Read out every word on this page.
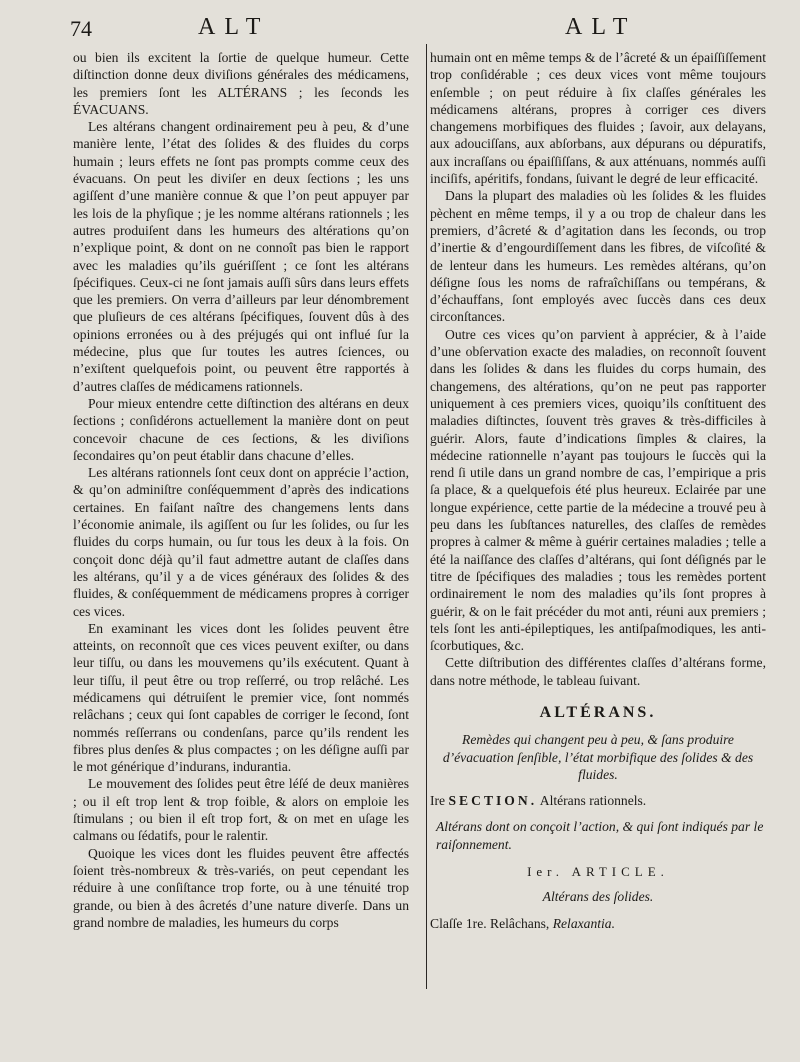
74	ALT	ALT

ou bien ils excitent la ſortie de quelque humeur. Cette diſtinction donne deux diviſions générales des médicamens, les premiers ſont les ALTÉRANS ; les ſeconds les ÉVACUANS.

Les altérans changent ordinairement peu à peu, & d’une manière lente, l’état des ſolides & des fluides du corps humain ; leurs effets ne ſont pas prompts comme ceux des évacuans. On peut les diviſer en deux ſections ; les uns agiſſent d’une manière connue & que l’on peut appuyer par les lois de la phyſique ; je les nomme altérans rationnels ; les autres produiſent dans les humeurs des altérations qu’on n’explique point, & dont on ne connoît pas bien le rapport avec les maladies qu’ils guériſſent ; ce ſont les altérans ſpécifiques. Ceux-ci ne ſont jamais auſſi sûrs dans leurs effets que les premiers. On verra d’ailleurs par leur dénombrement que pluſieurs de ces altérans ſpécifiques, ſouvent dûs à des opinions erronées ou à des préjugés qui ont influé ſur la médecine, plus que ſur toutes les autres ſciences, ou n’exiſtent quelquefois point, ou peuvent être rapportés à d’autres claſſes de médicamens rationnels.

Pour mieux entendre cette diſtinction des altérans en deux ſections ; conſidérons actuellement la manière dont on peut concevoir chacune de ces ſections, & les diviſions ſecondaires qu’on peut établir dans chacune d’elles.

Les altérans rationnels ſont ceux dont on apprécie l’action, & qu’on adminiſtre conſéquemment d’après des indications certaines. En faiſant naître des changemens lents dans l’économie animale, ils agiſſent ou ſur les ſolides, ou ſur les fluides du corps humain, ou ſur tous les deux à la fois. On conçoit donc déjà qu’il faut admettre autant de claſſes dans les altérans, qu’il y a de vices généraux des ſolides & des fluides, & conſéquemment de médicamens propres à corriger ces vices.

En examinant les vices dont les ſolides peuvent être atteints, on reconnoît que ces vices peuvent exiſter, ou dans leur tiſſu, ou dans les mouvemens qu’ils exécutent. Quant à leur tiſſu, il peut être ou trop reſſerré, ou trop relâché. Les médicamens qui détruiſent le premier vice, ſont nommés relâchans ; ceux qui ſont capables de corriger le ſecond, ſont nommés reſſerrans ou condenſans, parce qu’ils rendent les fibres plus denſes & plus compactes ; on les déſigne auſſi par le mot générique d’indurans, indurantia.

Le mouvement des ſolides peut être léſé de deux manières ; ou il eſt trop lent & trop foible, & alors on emploie les ſtimulans ; ou bien il eſt trop fort, & on met en uſage les calmans ou ſédatifs, pour le ralentir.

Quoique les vices dont les fluides peuvent être affectés ſoient très-nombreux & très-variés, on peut cependant les réduire à une conſiſtance trop forte, ou à une ténuité trop grande, ou bien à des âcretés d’une nature diverſe. Dans un grand nombre de maladies, les humeurs du corps

humain ont en même temps & de l’âcreté & un épaiſſiſſement trop conſidérable ; ces deux vices vont même toujours enſemble ; on peut réduire à ſix claſſes générales les médicamens altérans, propres à corriger ces divers changemens morbifiques des fluides ; ſavoir, aux delayans, aux adouciſſans, aux abſorbans, aux dépurans ou dépuratifs, aux incraſſans ou épaiſſiſſans, & aux atténuans, nommés auſſi inciſifs, apéritifs, fondans, ſuivant le degré de leur efficacité.

Dans la plupart des maladies où les ſolides & les fluides pèchent en même temps, il y a ou trop de chaleur dans les premiers, d’âcreté & d’agitation dans les ſeconds, ou trop d’inertie & d’engourdiſſement dans les fibres, de viſcoſité & de lenteur dans les humeurs. Les remèdes altérans, qu’on déſigne ſous les noms de rafraîchiſſans ou tempérans, & d’échauffans, ſont employés avec ſuccès dans ces deux circonſtances.

Outre ces vices qu’on parvient à apprécier, & à l’aide d’une obſervation exacte des maladies, on reconnoît ſouvent dans les ſolides & dans les fluides du corps humain, des changemens, des altérations, qu’on ne peut pas rapporter uniquement à ces premiers vices, quoiqu’ils conſtituent des maladies diſtinctes, ſouvent très graves & très-difficiles à guérir. Alors, faute d’indications ſimples & claires, la médecine rationnelle n’ayant pas toujours le ſuccès qui la rend ſi utile dans un grand nombre de cas, l’empirique a pris ſa place, & a quelquefois été plus heureux. Eclairée par une longue expérience, cette partie de la médecine a trouvé peu à peu dans les ſubſtances naturelles, des claſſes de remèdes propres à calmer & même à guérir certaines maladies ; telle a été la naiſſance des claſſes d’altérans, qui ſont déſignés par le titre de ſpécifiques des maladies ; tous les remèdes portent ordinairement le nom des maladies qu’ils ſont propres à guérir, & on le fait précéder du mot anti, réuni aux premiers ; tels ſont les anti-épileptiques, les antiſpaſmodiques, les anti-ſcorbutiques, &c.

Cette diſtribution des différentes claſſes d’altérans forme, dans notre méthode, le tableau ſuivant.

ALTÉRANS.
Remèdes qui changent peu à peu, & ſans produire d’évacuation ſenſible, l’état morbifique des ſolides & des fluides.
Ire SECTION. Altérans rationnels.
Altérans dont on conçoit l’action, & qui ſont indiqués par le raiſonnement.
Ier. ARTICLE.
Altérans des ſolides.
Claſſe 1re. Relâchans, Relaxantia.
